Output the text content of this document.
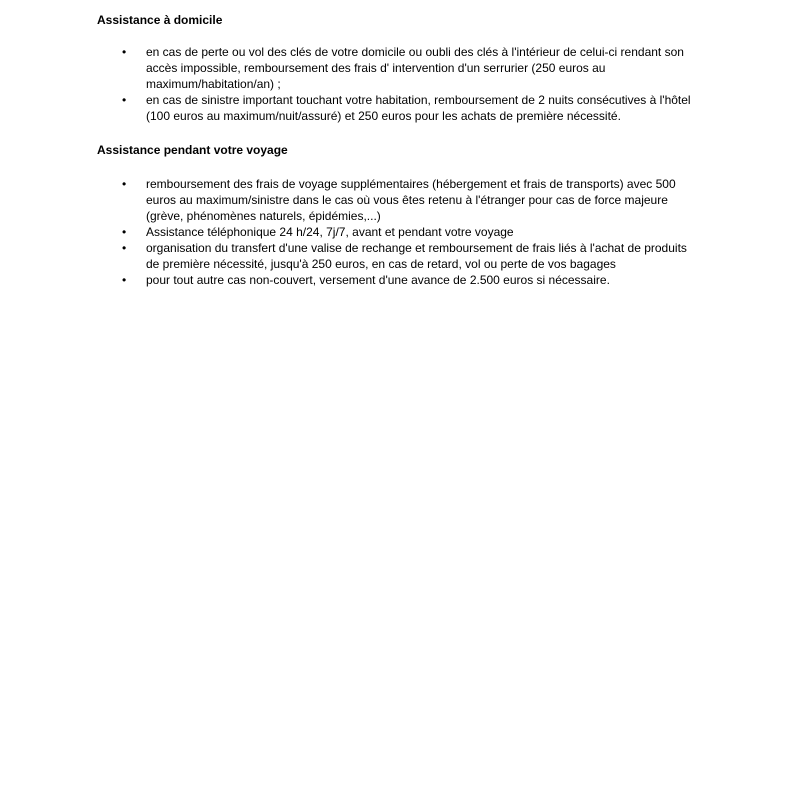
Assistance à domicile
•	en cas de perte ou vol des clés de votre domicile ou oubli des clés à l'intérieur de celui-ci rendant son accès impossible, remboursement des frais d' intervention d'un serrurier (250 euros au maximum/habitation/an) ;
•	en cas de sinistre important touchant votre habitation, remboursement de 2 nuits consécutives à l'hôtel (100 euros au maximum/nuit/assuré) et 250 euros pour les achats de première nécessité.
Assistance pendant votre voyage
•	remboursement des frais de voyage supplémentaires (hébergement et frais de transports) avec 500 euros au maximum/sinistre dans le cas où vous êtes retenu à l'étranger pour cas de force majeure (grève, phénomènes naturels, épidémies,...)
•	Assistance téléphonique 24 h/24, 7j/7, avant et pendant votre voyage
•	organisation du transfert d'une valise de rechange et remboursement de frais liés à l'achat de produits de première nécessité, jusqu'à 250 euros, en cas de retard, vol ou perte de vos bagages
•	pour tout autre cas non-couvert, versement d'une avance de 2.500 euros si nécessaire.
